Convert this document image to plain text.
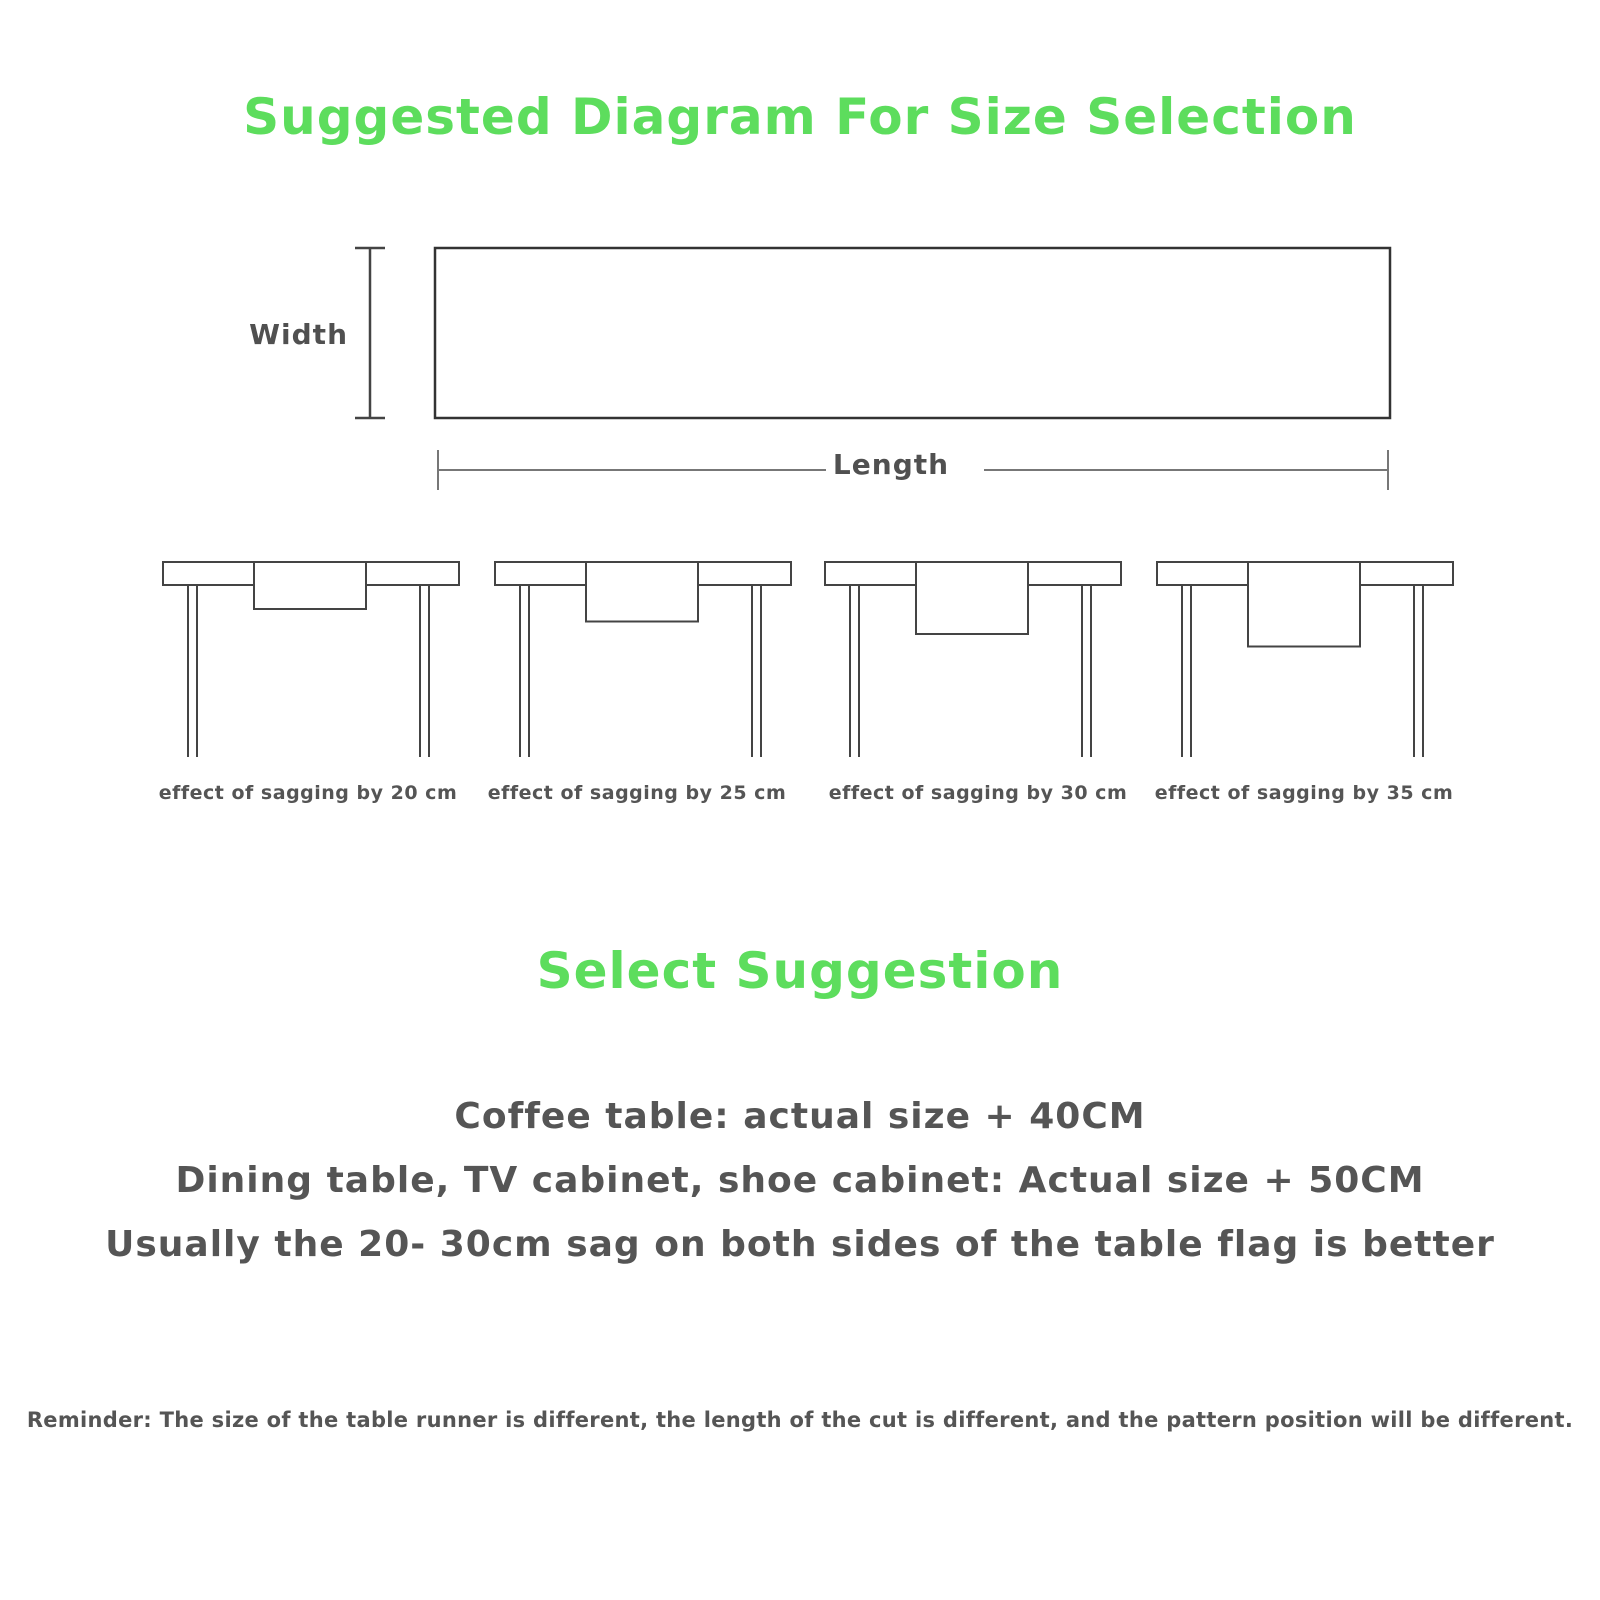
Suggested Diagram For Size Selection
Width
Length
effect of sagging by 20 cm	effect of sagging by 25 cm	effect of sagging by 30 cm	effect of sagging by 35 cm
Select Suggestion
Coffee table: actual size + 40CM
Dining table, TV cabinet, shoe cabinet: Actual size + 50CM
Usually the 20- 30cm sag on both sides of the table flag is better
Reminder: The size of the table runner is different, the length of the cut is different, and the pattern position will be different.
